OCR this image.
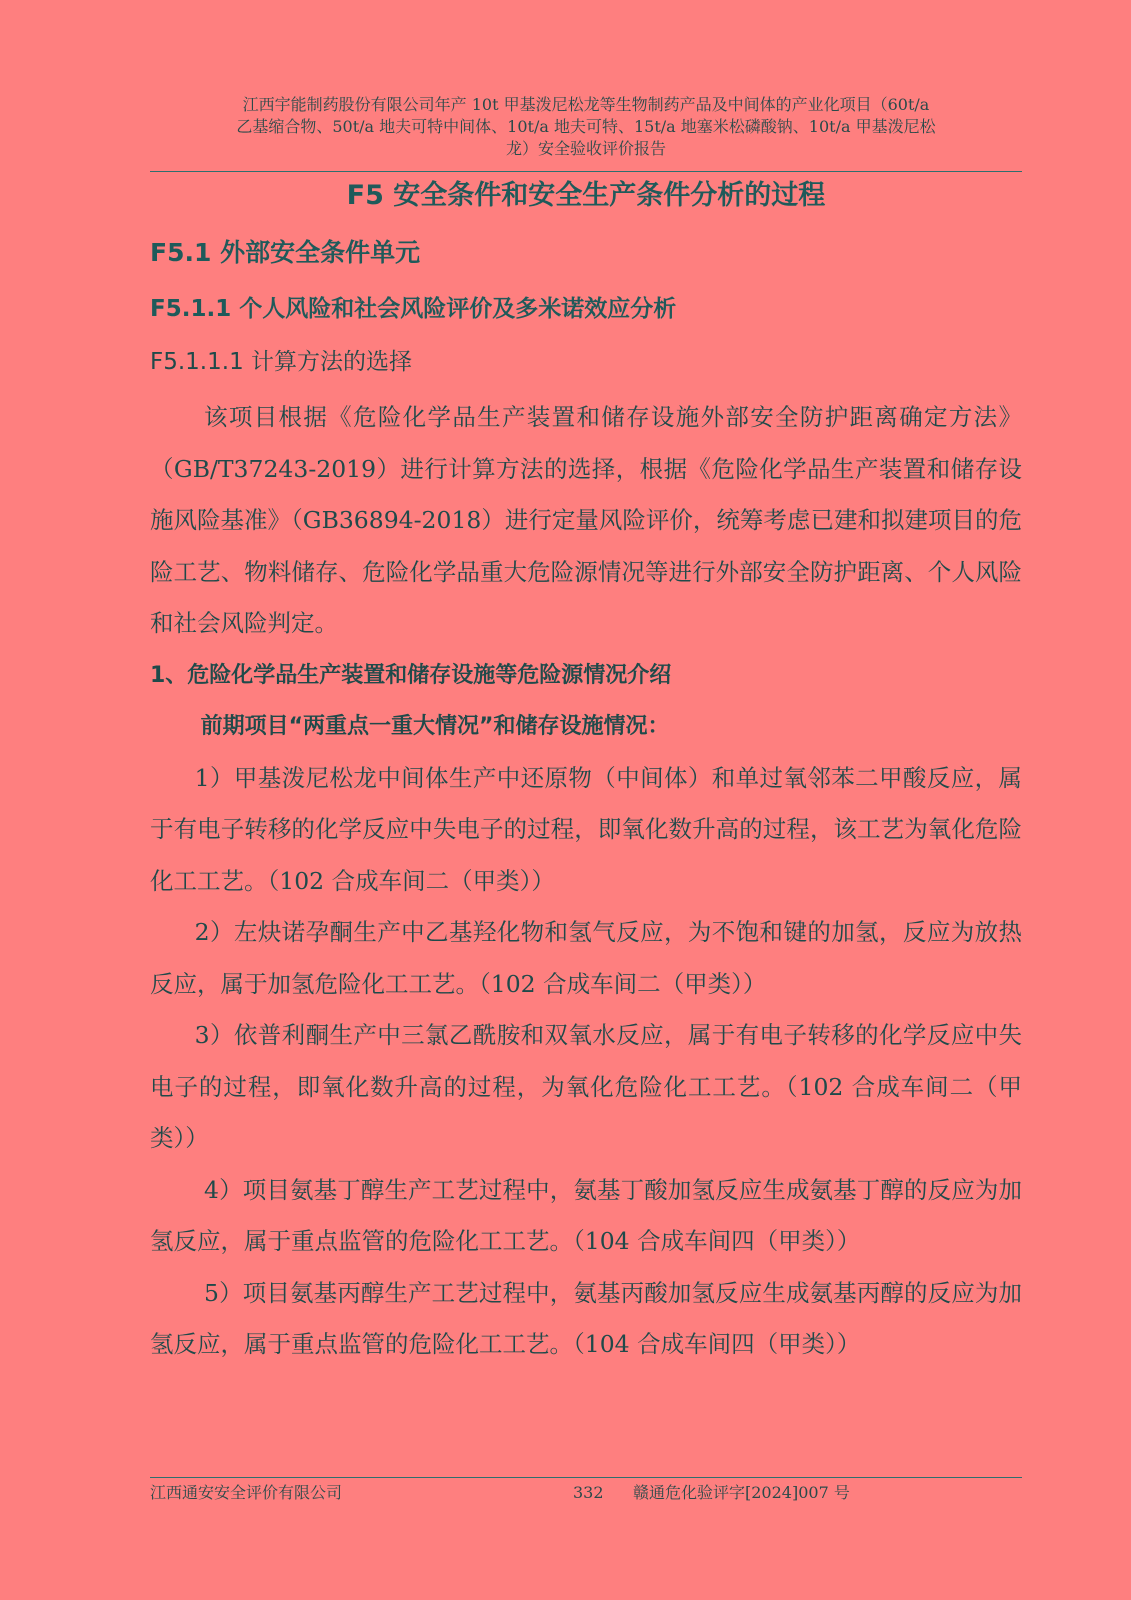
江西宇能制药股份有限公司年产 10t 甲基泼尼松龙等生物制药产品及中间体的产业化项目（60t/a
乙基缩合物、50t/a 地夫可特中间体、10t/a 地夫可特、15t/a 地塞米松磷酸钠、10t/a 甲基泼尼松
龙）安全验收评价报告
F5 安全条件和安全生产条件分析的过程
F5.1 外部安全条件单元
F5.1.1 个人风险和社会风险评价及多米诺效应分析
F5.1.1.1 计算方法的选择

该项目根据《危险化学品生产装置和储存设施外部安全防护距离确定方法》（GB/T37243-2019）进行计算方法的选择，根据《危险化学品生产装置和储存设施风险基准》（GB36894-2018）进行定量风险评价，统筹考虑已建和拟建项目的危险工艺、物料储存、危险化学品重大危险源情况等进行外部安全防护距离、个人风险和社会风险判定。

1、危险化学品生产装置和储存设施等危险源情况介绍

前期项目“两重点一重大情况”和储存设施情况：

1）甲基泼尼松龙中间体生产中还原物（中间体）和单过氧邻苯二甲酸反应，属于有电子转移的化学反应中失电子的过程，即氧化数升高的过程，该工艺为氧化危险化工工艺。（102 合成车间二（甲类））

2）左炔诺孕酮生产中乙基羟化物和氢气反应，为不饱和键的加氢，反应为放热反应，属于加氢危险化工工艺。（102 合成车间二（甲类））

3）依普利酮生产中三氯乙酰胺和双氧水反应，属于有电子转移的化学反应中失电子的过程，即氧化数升高的过程，为氧化危险化工工艺。（102 合成车间二（甲类））

4）项目氨基丁醇生产工艺过程中，氨基丁酸加氢反应生成氨基丁醇的反应为加氢反应，属于重点监管的危险化工工艺。（104 合成车间四（甲类））

5）项目氨基丙醇生产工艺过程中，氨基丙酸加氢反应生成氨基丙醇的反应为加氢反应，属于重点监管的危险化工工艺。（104 合成车间四（甲类））

江西通安安全评价有限公司	332 赣通危化验评字[2024]007 号
